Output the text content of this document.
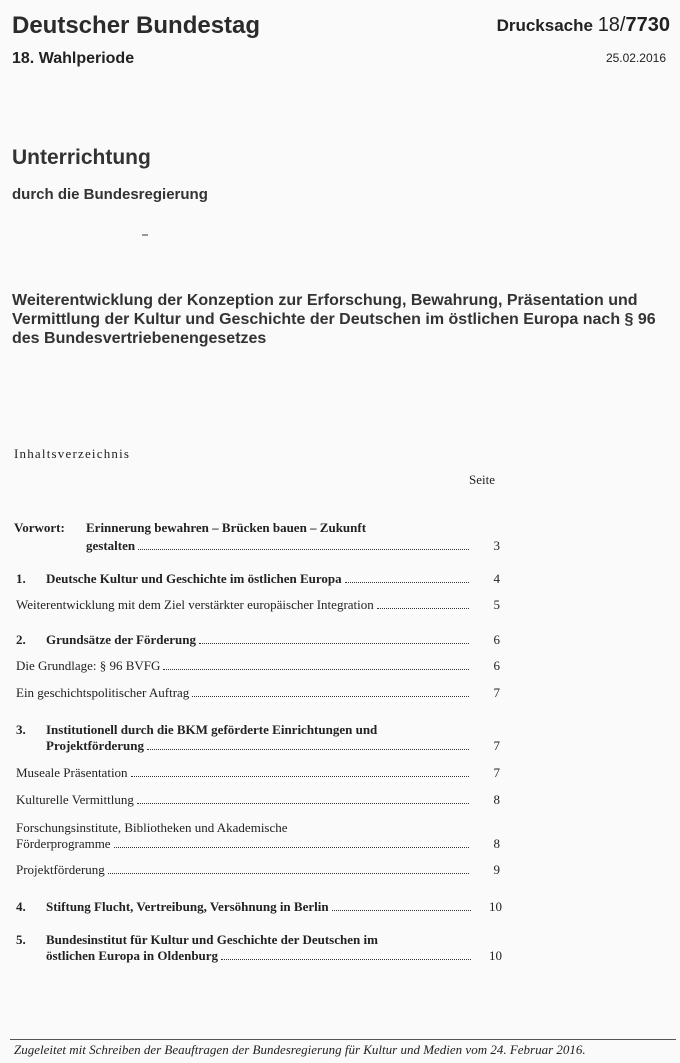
Deutscher Bundestag
18. Wahlperiode
Drucksache 18/7730
25.02.2016
Unterrichtung
durch die Bundesregierung
Weiterentwicklung der Konzeption zur Erforschung, Bewahrung, Präsentation und Vermittlung der Kultur und Geschichte der Deutschen im östlichen Europa nach § 96 des Bundesvertriebenengesetzes
Inhaltsverzeichnis
Seite
Vorwort: Erinnerung bewahren – Brücken bauen – Zukunft
gestalten	3
1.	Deutsche Kultur und Geschichte im östlichen Europa	4
Weiterentwicklung mit dem Ziel verstärkter europäischer Integration	5
2.	Grundsätze der Förderung	6
Die Grundlage: § 96 BVFG	6
Ein geschichtspolitischer Auftrag	7
3. Institutionell durch die BKM geförderte Einrichtungen und
Projektförderung	7
Museale Präsentation	7
Kulturelle Vermittlung	8
Forschungsinstitute, Bibliotheken und Akademische
Förderprogramme	8
Projektförderung	9
4.	Stiftung Flucht, Vertreibung, Versöhnung in Berlin	10
5. Bundesinstitut für Kultur und Geschichte der Deutschen im
östlichen Europa in Oldenburg	10
Zugeleitet mit Schreiben der Beauftragen der Bundesregierung für Kultur und Medien vom 24. Februar 2016.
